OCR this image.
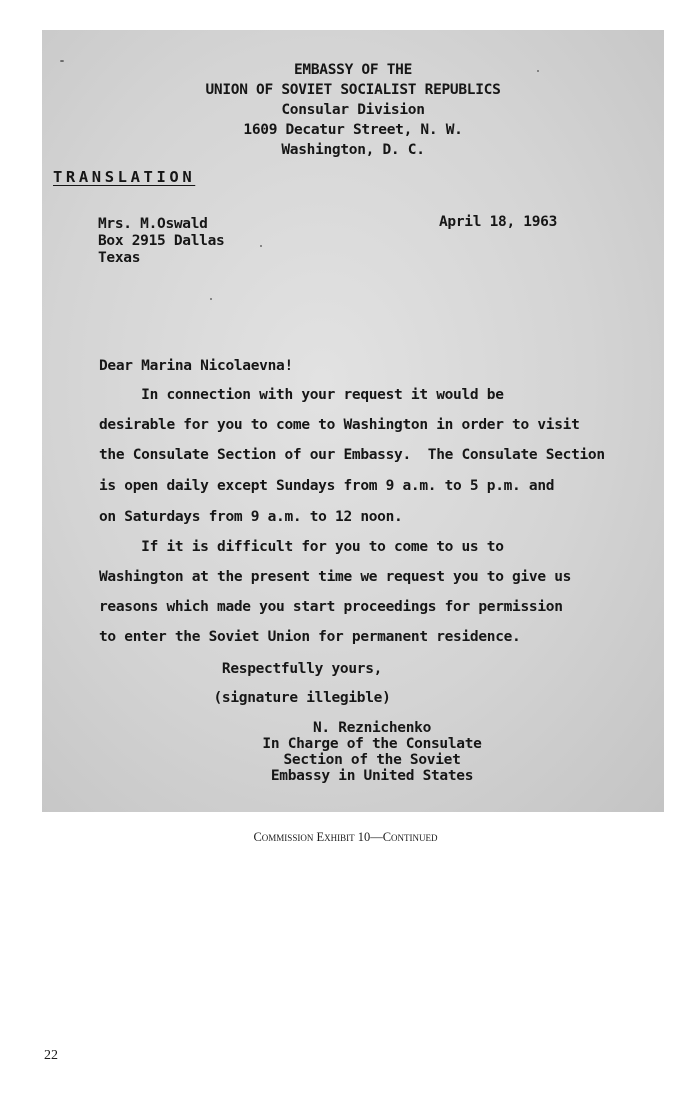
EMBASSY OF THE
UNION OF SOVIET SOCIALIST REPUBLICS
Consular Division
1609 Decatur Street, N. W.
Washington, D. C.
TRANSLATION
Mrs. M.Oswald
Box 2915 Dallas
Texas
April 18, 1963
Dear Marina Nicolaevna!
In connection with your request it would be
desirable for you to come to Washington in order to visit
the Consulate Section of our Embassy.  The Consulate Section
is open daily except Sundays from 9 a.m. to 5 p.m. and
on Saturdays from 9 a.m. to 12 noon.
If it is difficult for you to come to us to
Washington at the present time we request you to give us
reasons which made you start proceedings for permission
to enter the Soviet Union for permanent residence.
Respectfully yours,
(signature illegible)
N. Reznichenko
In Charge of the Consulate
Section of the Soviet
Embassy in United States
Commission Exhibit 10—Continued
22
